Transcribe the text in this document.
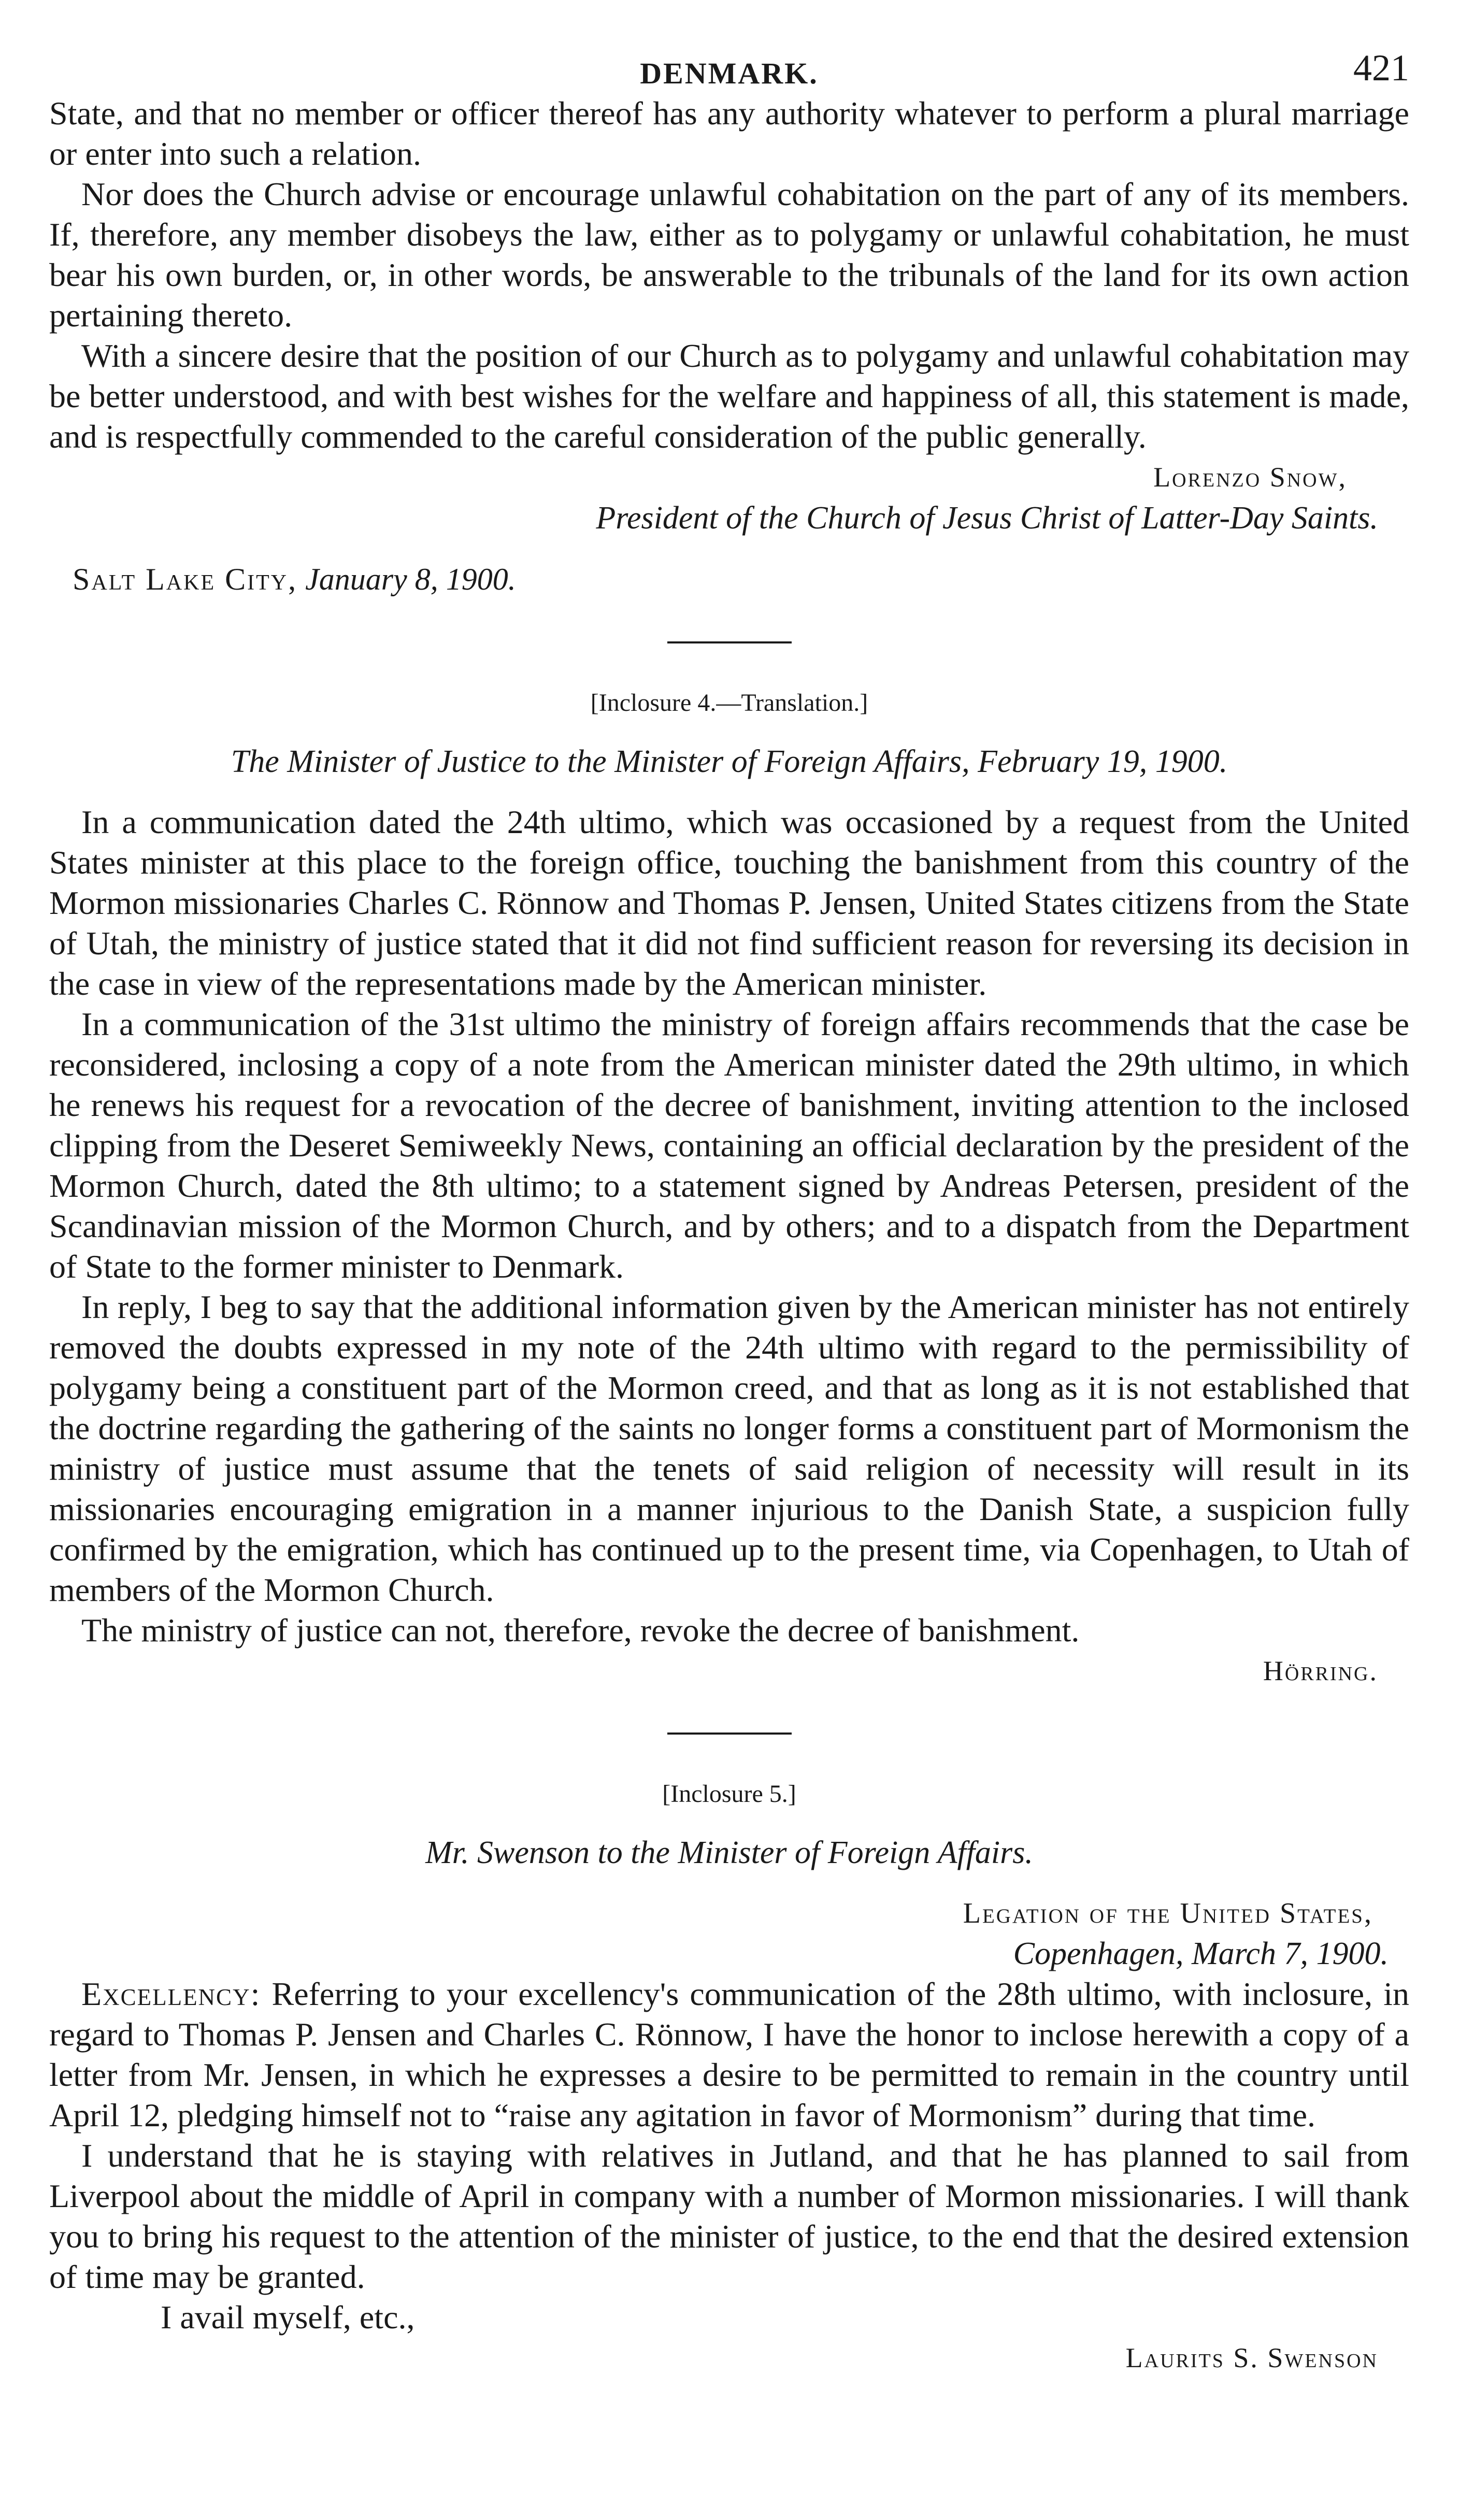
DENMARK.	421

State, and that no member or officer thereof has any authority whatever to perform a plural marriage or enter into such a relation.

Nor does the Church advise or encourage unlawful cohabitation on the part of any of its members. If, therefore, any member disobeys the law, either as to polygamy or unlawful cohabitation, he must bear his own burden, or, in other words, be answerable to the tribunals of the land for its own action pertaining thereto.

With a sincere desire that the position of our Church as to polygamy and unlawful cohabitation may be better understood, and with best wishes for the welfare and happiness of all, this statement is made, and is respectfully commended to the careful consideration of the public generally.

Lorenzo Snow,
President of the Church of Jesus Christ of Latter-Day Saints.
Salt Lake City, January 8, 1900.
[Inclosure 4.—Translation.]
The Minister of Justice to the Minister of Foreign Affairs, February 19, 1900.

In a communication dated the 24th ultimo, which was occasioned by a request from the United States minister at this place to the foreign office, touching the banishment from this country of the Mormon missionaries Charles C. Rönnow and Thomas P. Jensen, United States citizens from the State of Utah, the ministry of justice stated that it did not find sufficient reason for reversing its decision in the case in view of the representations made by the American minister.

In a communication of the 31st ultimo the ministry of foreign affairs recommends that the case be reconsidered, inclosing a copy of a note from the American minister dated the 29th ultimo, in which he renews his request for a revocation of the decree of banishment, inviting attention to the inclosed clipping from the Deseret Semiweekly News, containing an official declaration by the president of the Mormon Church, dated the 8th ultimo; to a statement signed by Andreas Petersen, president of the Scandinavian mission of the Mormon Church, and by others; and to a dispatch from the Department of State to the former minister to Denmark.

In reply, I beg to say that the additional information given by the American minister has not entirely removed the doubts expressed in my note of the 24th ultimo with regard to the permissibility of polygamy being a constituent part of the Mormon creed, and that as long as it is not established that the doctrine regarding the gathering of the saints no longer forms a constituent part of Mormonism the ministry of justice must assume that the tenets of said religion of necessity will result in its missionaries encouraging emigration in a manner injurious to the Danish State, a suspicion fully confirmed by the emigration, which has continued up to the present time, via Copenhagen, to Utah of members of the Mormon Church.

The ministry of justice can not, therefore, revoke the decree of banishment.

Hörring.
[Inclosure 5.]
Mr. Swenson to the Minister of Foreign Affairs.
Legation of the United States,
Copenhagen, March 7, 1900.

Excellency: Referring to your excellency's communication of the 28th ultimo, with inclosure, in regard to Thomas P. Jensen and Charles C. Rönnow, I have the honor to inclose herewith a copy of a letter from Mr. Jensen, in which he expresses a desire to be permitted to remain in the country until April 12, pledging himself not to “raise any agitation in favor of Mormonism” during that time.

I understand that he is staying with relatives in Jutland, and that he has planned to sail from Liverpool about the middle of April in company with a number of Mormon missionaries. I will thank you to bring his request to the attention of the minister of justice, to the end that the desired extension of time may be granted.

I avail myself, etc.,
Laurits S. Swenson
